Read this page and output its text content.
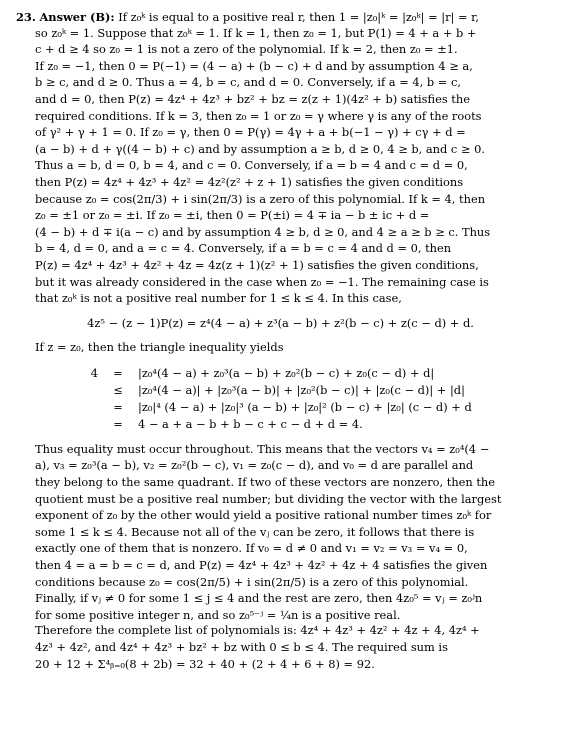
23. Answer (B): If z₀ᵏ is equal to a positive real r, then 1 = |z₀|ᵏ = |z₀ᵏ| = |r| = r,
so z₀ᵏ = 1. Suppose that z₀ᵏ = 1. If k = 1, then z₀ = 1, but P(1) = 4 + a + b +
c + d ≥ 4 so z₀ = 1 is not a zero of the polynomial. If k = 2, then z₀ = ±1.
If z₀ = −1, then 0 = P(−1) = (4 − a) + (b − c) + d and by assumption 4 ≥ a,
b ≥ c, and d ≥ 0. Thus a = 4, b = c, and d = 0. Conversely, if a = 4, b = c,
and d = 0, then P(z) = 4z⁴ + 4z³ + bz² + bz = z(z + 1)(4z² + b) satisfies the
required conditions. If k = 3, then z₀ = 1 or z₀ = γ where γ is any of the roots
of γ² + γ + 1 = 0. If z₀ = γ, then 0 = P(γ) = 4γ + a + b(−1 − γ) + cγ + d =
(a − b) + d + γ((4 − b) + c) and by assumption a ≥ b, d ≥ 0, 4 ≥ b, and c ≥ 0.
Thus a = b, d = 0, b = 4, and c = 0. Conversely, if a = b = 4 and c = d = 0,
then P(z) = 4z⁴ + 4z³ + 4z² = 4z²(z² + z + 1) satisfies the given conditions
because z₀ = cos(2π/3) + i sin(2π/3) is a zero of this polynomial. If k = 4, then
z₀ = ±1 or z₀ = ±i. If z₀ = ±i, then 0 = P(±i) = 4 ∓ ia − b ± ic + d =
(4 − b) + d ∓ i(a − c) and by assumption 4 ≥ b, d ≥ 0, and 4 ≥ a ≥ b ≥ c. Thus
b = 4, d = 0, and a = c = 4. Conversely, if a = b = c = 4 and d = 0, then
P(z) = 4z⁴ + 4z³ + 4z² + 4z = 4z(z + 1)(z² + 1) satisfies the given conditions,
but it was already considered in the case when z₀ = −1. The remaining case is
that z₀ᵏ is not a positive real number for 1 ≤ k ≤ 4. In this case,
4z⁵ − (z − 1)P(z) = z⁴(4 − a) + z³(a − b) + z²(b − c) + z(c − d) + d.
If z = z₀, then the triangle inequality yields
4	=	|z₀⁴(4 − a) + z₀³(a − b) + z₀²(b − c) + z₀(c − d) + d|
≤	|z₀⁴(4 − a)| + |z₀³(a − b)| + |z₀²(b − c)| + |z₀(c − d)| + |d|
=	|z₀|⁴ (4 − a) + |z₀|³ (a − b) + |z₀|² (b − c) + |z₀| (c − d) + d
=	4 − a + a − b + b − c + c − d + d = 4.
Thus equality must occur throughout. This means that the vectors v₄ = z₀⁴(4 −
a), v₃ = z₀³(a − b), v₂ = z₀²(b − c), v₁ = z₀(c − d), and v₀ = d are parallel and
they belong to the same quadrant. If two of these vectors are nonzero, then the
quotient must be a positive real number; but dividing the vector with the largest
exponent of z₀ by the other would yield a positive rational number times z₀ᵏ for
some 1 ≤ k ≤ 4. Because not all of the vⱼ can be zero, it follows that there is
exactly one of them that is nonzero. If v₀ = d ≠ 0 and v₁ = v₂ = v₃ = v₄ = 0,
then 4 = a = b = c = d, and P(z) = 4z⁴ + 4z³ + 4z² + 4z + 4 satisfies the given
conditions because z₀ = cos(2π/5) + i sin(2π/5) is a zero of this polynomial.
Finally, if vⱼ ≠ 0 for some 1 ≤ j ≤ 4 and the rest are zero, then 4z₀⁵ = vⱼ = z₀ʲn
for some positive integer n, and so z₀⁵⁻ʲ = ¼n is a positive real.
Therefore the complete list of polynomials is: 4z⁴ + 4z³ + 4z² + 4z + 4, 4z⁴ +
4z³ + 4z², and 4z⁴ + 4z³ + bz² + bz with 0 ≤ b ≤ 4. The required sum is
20 + 12 + Σ⁴ᵦ₌₀(8 + 2b) = 32 + 40 + (2 + 4 + 6 + 8) = 92.
